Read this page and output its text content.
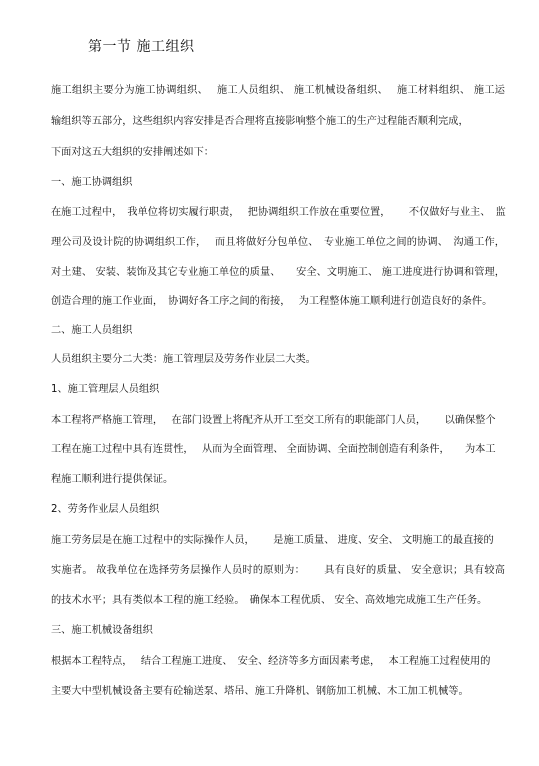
第一节 施工组织
施工组织主要分为施工协调组织、　 施工人员组织、 施工机械设备组织、　 施工材料组织、 施工运
输组织等五部分，这些组织内容安排是否合理将直接影响整个施工的生产过程能否顺利完成，
下面对这五大组织的安排阐述如下：
一、施工协调组织
在施工过程中，　我单位将切实履行职责，　 把协调组织工作放在重要位置，　　 不仅做好与业主、　监
理公司及设计院的协调组织工作，　 而且将做好分包单位、　专业施工单位之间的协调、　沟通工作，
对土建、 安装、装饰及其它专业施工单位的质量、　　安全、文明施工、 施工进度进行协调和管理，
创造合理的施工作业面，　协调好各工序之间的衔接，　 为工程整体施工顺利进行创造良好的条件。
二、施工人员组织
人员组织主要分二大类：施工管理层及劳务作业层二大类。
1、施工管理层人员组织
本工程将严格施工管理，　 在部门设置上将配齐从开工至交工所有的职能部门人员，　　 以确保整个
工程在施工过程中具有连贯性，　 从而为全面管理、 全面协调、全面控制创造有利条件，　　为本工
程施工顺利进行提供保证。
2、劳务作业层人员组织
施工劳务层是在施工过程中的实际操作人员，　　 是施工质量、 进度、安全、 文明施工的最直接的
实施者。 故我单位在选择劳务层操作人员时的原则为：　　 具有良好的质量、 安全意识；具有较高
的技术水平；具有类似本工程的施工经验。　确保本工程优质、 安全、高效地完成施工生产任务。
三、施工机械设备组织
根据本工程特点，　 结合工程施工进度、　安全、经济等多方面因素考虑，　 本工程施工过程使用的
主要大中型机械设备主要有砼输送泵、塔吊、施工升降机、钢筋加工机械、木工加工机械等。
